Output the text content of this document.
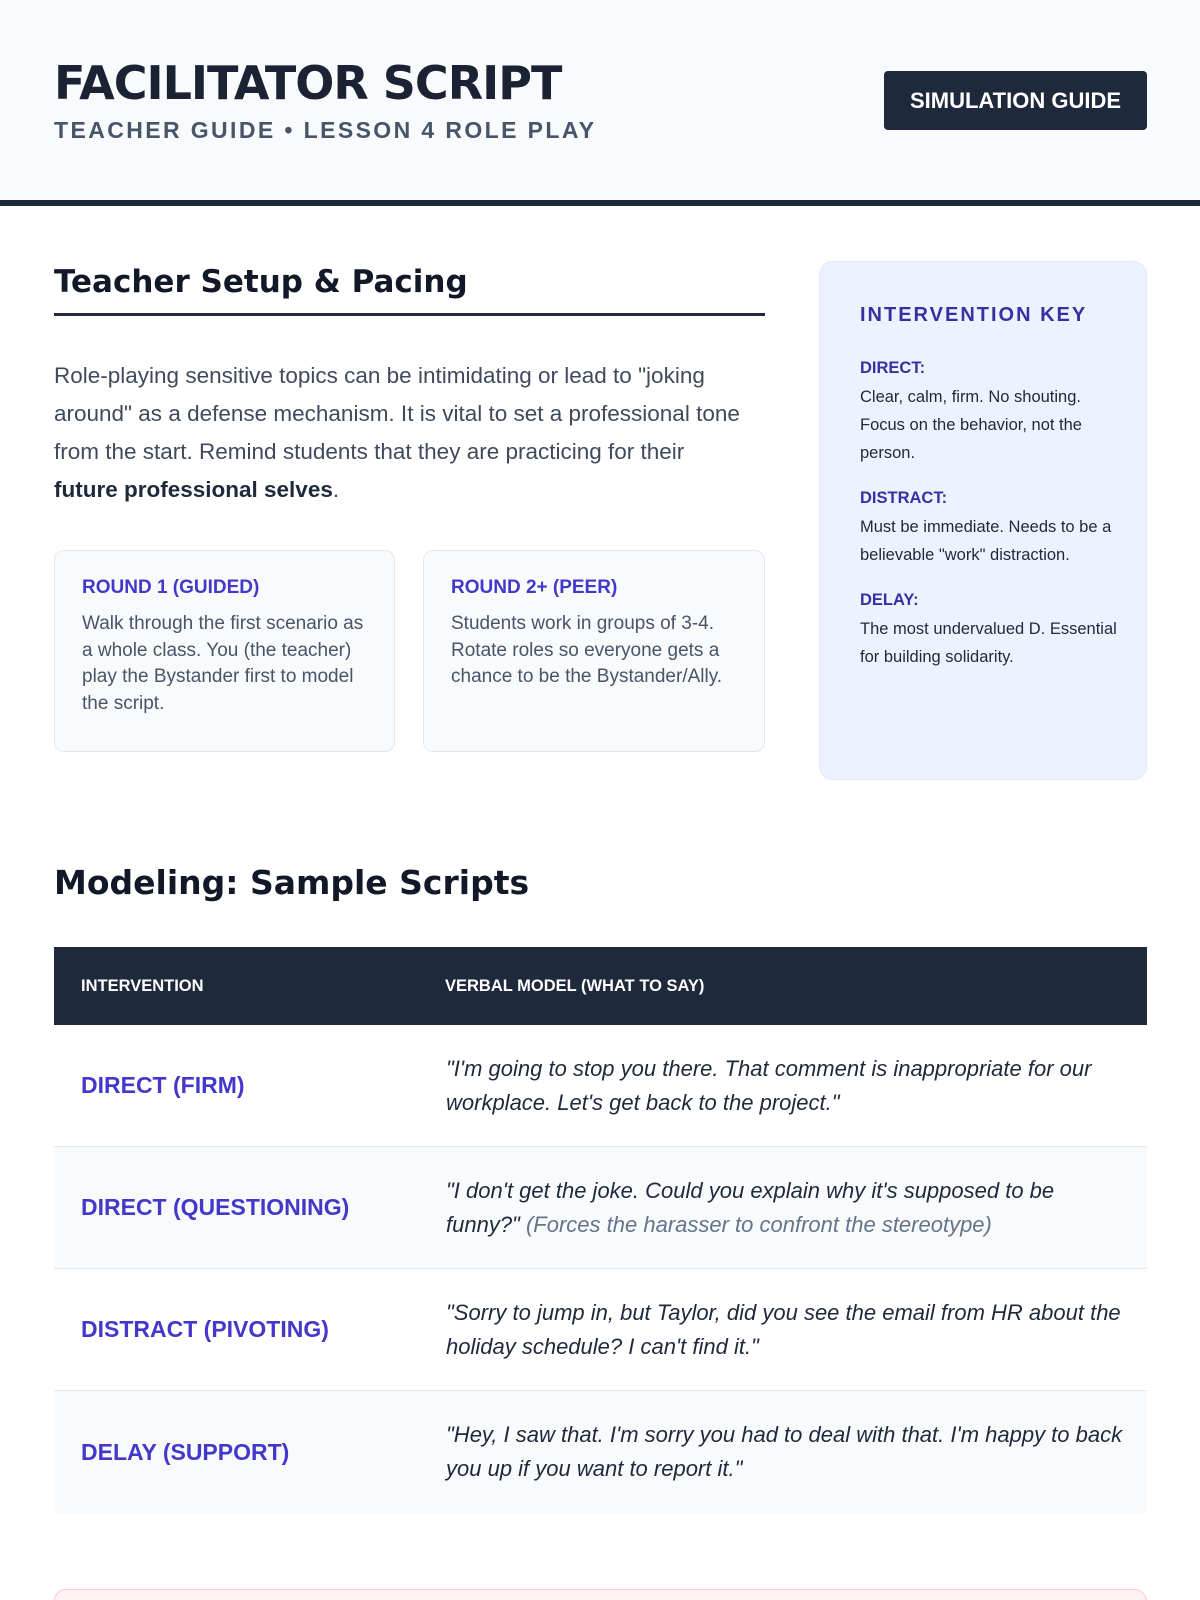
FACILITATOR SCRIPT
TEACHER GUIDE • LESSON 4 ROLE PLAY
SIMULATION GUIDE
Teacher Setup & Pacing

Role-playing sensitive topics can be intimidating or lead to "joking around" as a defense mechanism. It is vital to set a professional tone from the start. Remind students that they are practicing for their future professional selves.

ROUND 1 (GUIDED)
Walk through the first scenario as a whole class. You (the teacher) play the Bystander first to model the script.
ROUND 2+ (PEER)
Students work in groups of 3-4. Rotate roles so everyone gets a chance to be the Bystander/Ally.
INTERVENTION KEY
DIRECT:
Clear, calm, firm. No shouting. Focus on the behavior, not the person.
DISTRACT:
Must be immediate. Needs to be a believable "work" distraction.
DELAY:
The most undervalued D. Essential for building solidarity.
Modeling: Sample Scripts
INTERVENTION	VERBAL MODEL (WHAT TO SAY)
DIRECT (FIRM)
"I'm going to stop you there. That comment is inappropriate for our workplace. Let's get back to the project."
DIRECT (QUESTIONING)
"I don't get the joke. Could you explain why it's supposed to be funny?" (Forces the harasser to confront the stereotype)
DISTRACT (PIVOTING)
"Sorry to jump in, but Taylor, did you see the email from HR about the holiday schedule? I can't find it."
DELAY (SUPPORT)
"Hey, I saw that. I'm sorry you had to deal with that. I'm happy to back you up if you want to report it."
